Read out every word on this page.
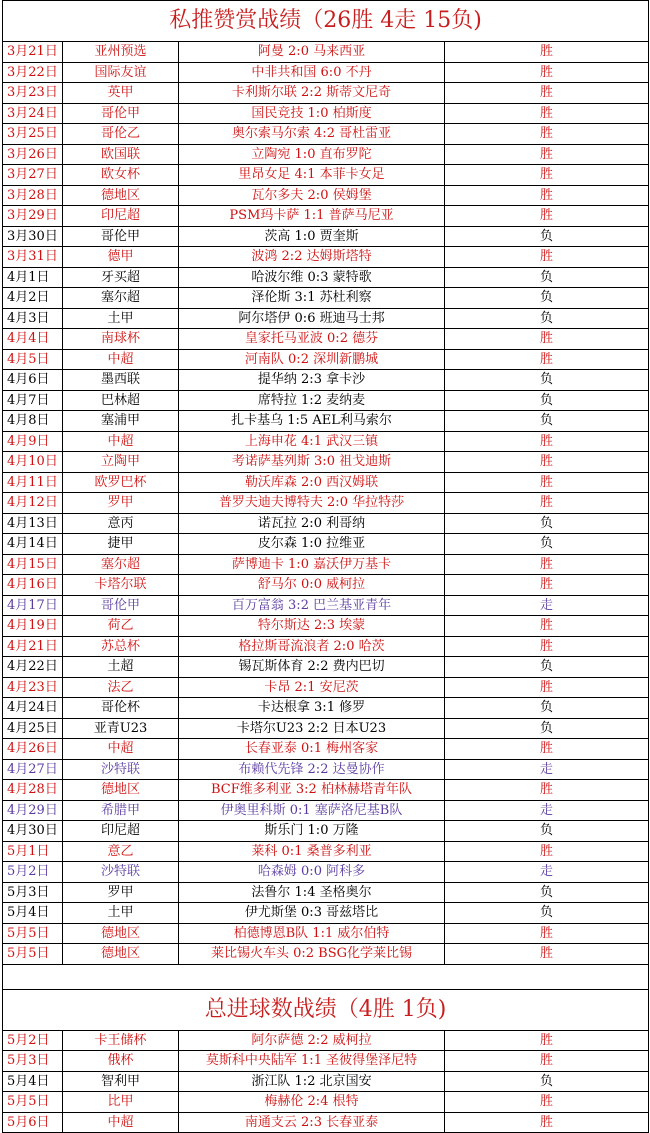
私推赞赏战绩（26胜 4走 15负)			
3月21日	亚州预选	阿曼 2:0 马来西亚	胜
3月22日	国际友谊	中非共和国 6:0 不丹	胜
3月23日	英甲	卡利斯尔联 2:2 斯蒂文尼奇	胜
3月24日	哥伦甲	国民竞技 1:0 柏斯度	胜
3月25日	哥伦乙	奥尔索马尔索 4:2 哥杜雷亚	胜
3月26日	欧国联	立陶宛 1:0 直布罗陀	胜
3月27日	欧女杯	里昂女足 4:1 本菲卡女足	胜
3月28日	德地区	瓦尔多夫 2:0 侯姆堡	胜
3月29日	印尼超	PSM玛卡萨 1:1 普萨马尼亚	胜
3月30日	哥伦甲	茨高 1:0 贾奎斯	负
3月31日	德甲	波鸿 2:2 达姆斯塔特	胜
4月1日	牙买超	哈波尔维 0:3 蒙特歌	负
4月2日	塞尔超	泽伦斯 3:1 苏杜利察	负
4月3日	土甲	阿尔塔伊 0:6 班迪马士邦	负
4月4日	南球杯	皇家托马亚波 0:2 德芬	胜
4月5日	中超	河南队 0:2 深圳新鹏城	胜
4月6日	墨西联	提华纳 2:3 拿卡沙	负
4月7日	巴林超	席特拉 1:2 麦纳麦	负
4月8日	塞浦甲	扎卡基乌 1:5 AEL利马索尔	负
4月9日	中超	上海申花 4:1 武汉三镇	胜
4月10日	立陶甲	考诺萨基列斯 3:0 祖戈迪斯	胜
4月11日	欧罗巴杯	勒沃库森 2:0 西汉姆联	胜
4月12日	罗甲	普罗夫迪夫博特夫 2:0 华拉特莎	胜
4月13日	意丙	诺瓦拉 2:0 利哥纳	负
4月14日	捷甲	皮尔森 1:0 拉维亚	负
4月15日	塞尔超	萨博迪卡 1:0 嘉沃伊万基卡	胜
4月16日	卡塔尔联	舒马尔 0:0 威柯拉	胜
4月17日	哥伦甲	百万富翁 3:2 巴兰基亚青年	走
4月19日	荷乙	特尔斯达 2:3 埃蒙	胜
4月21日	苏总杯	格拉斯哥流浪者 2:0 哈茨	胜
4月22日	土超	锡瓦斯体育 2:2 费内巴切	负
4月23日	法乙	卡昂 2:1 安尼茨	胜
4月24日	哥伦杯	卡达根拿 3:1 修罗	负
4月25日	亚青U23	卡塔尔U23 2:2 日本U23	负
4月26日	中超	长春亚泰 0:1 梅州客家	胜
4月27日	沙特联	布赖代先锋 2:2 达曼协作	走
4月28日	德地区	BCF维多利亚 3:2 柏林赫塔青年队	胜
4月29日	希腊甲	伊奥里科斯 0:1 塞萨洛尼基B队	走
4月30日	印尼超	斯乐门 1:0 万隆	负
5月1日	意乙	莱科 0:1 桑普多利亚	胜
5月2日	沙特联	哈森姆 0:0 阿科多	走
5月3日	罗甲	法鲁尔 1:4 圣格奥尔	负
5月4日	土甲	伊尤斯堡 0:3 哥兹塔比	负
5月5日	德地区	柏德博恩B队 1:1 威尔伯特	胜
5月5日	德地区	莱比锡火车头 0:2 BSG化学莱比锡	胜

总进球数战绩（4胜 1负)			
5月2日	卡王储杯	阿尔萨德 2:2 威柯拉	胜
5月3日	俄杯	莫斯科中央陆军 1:1 圣彼得堡泽尼特	胜
5月4日	智利甲	浙江队 1:2 北京国安	负
5月5日	比甲	梅赫伦 2:4 根特	胜
5月6日	中超	南通支云 2:3 长春亚泰	胜
